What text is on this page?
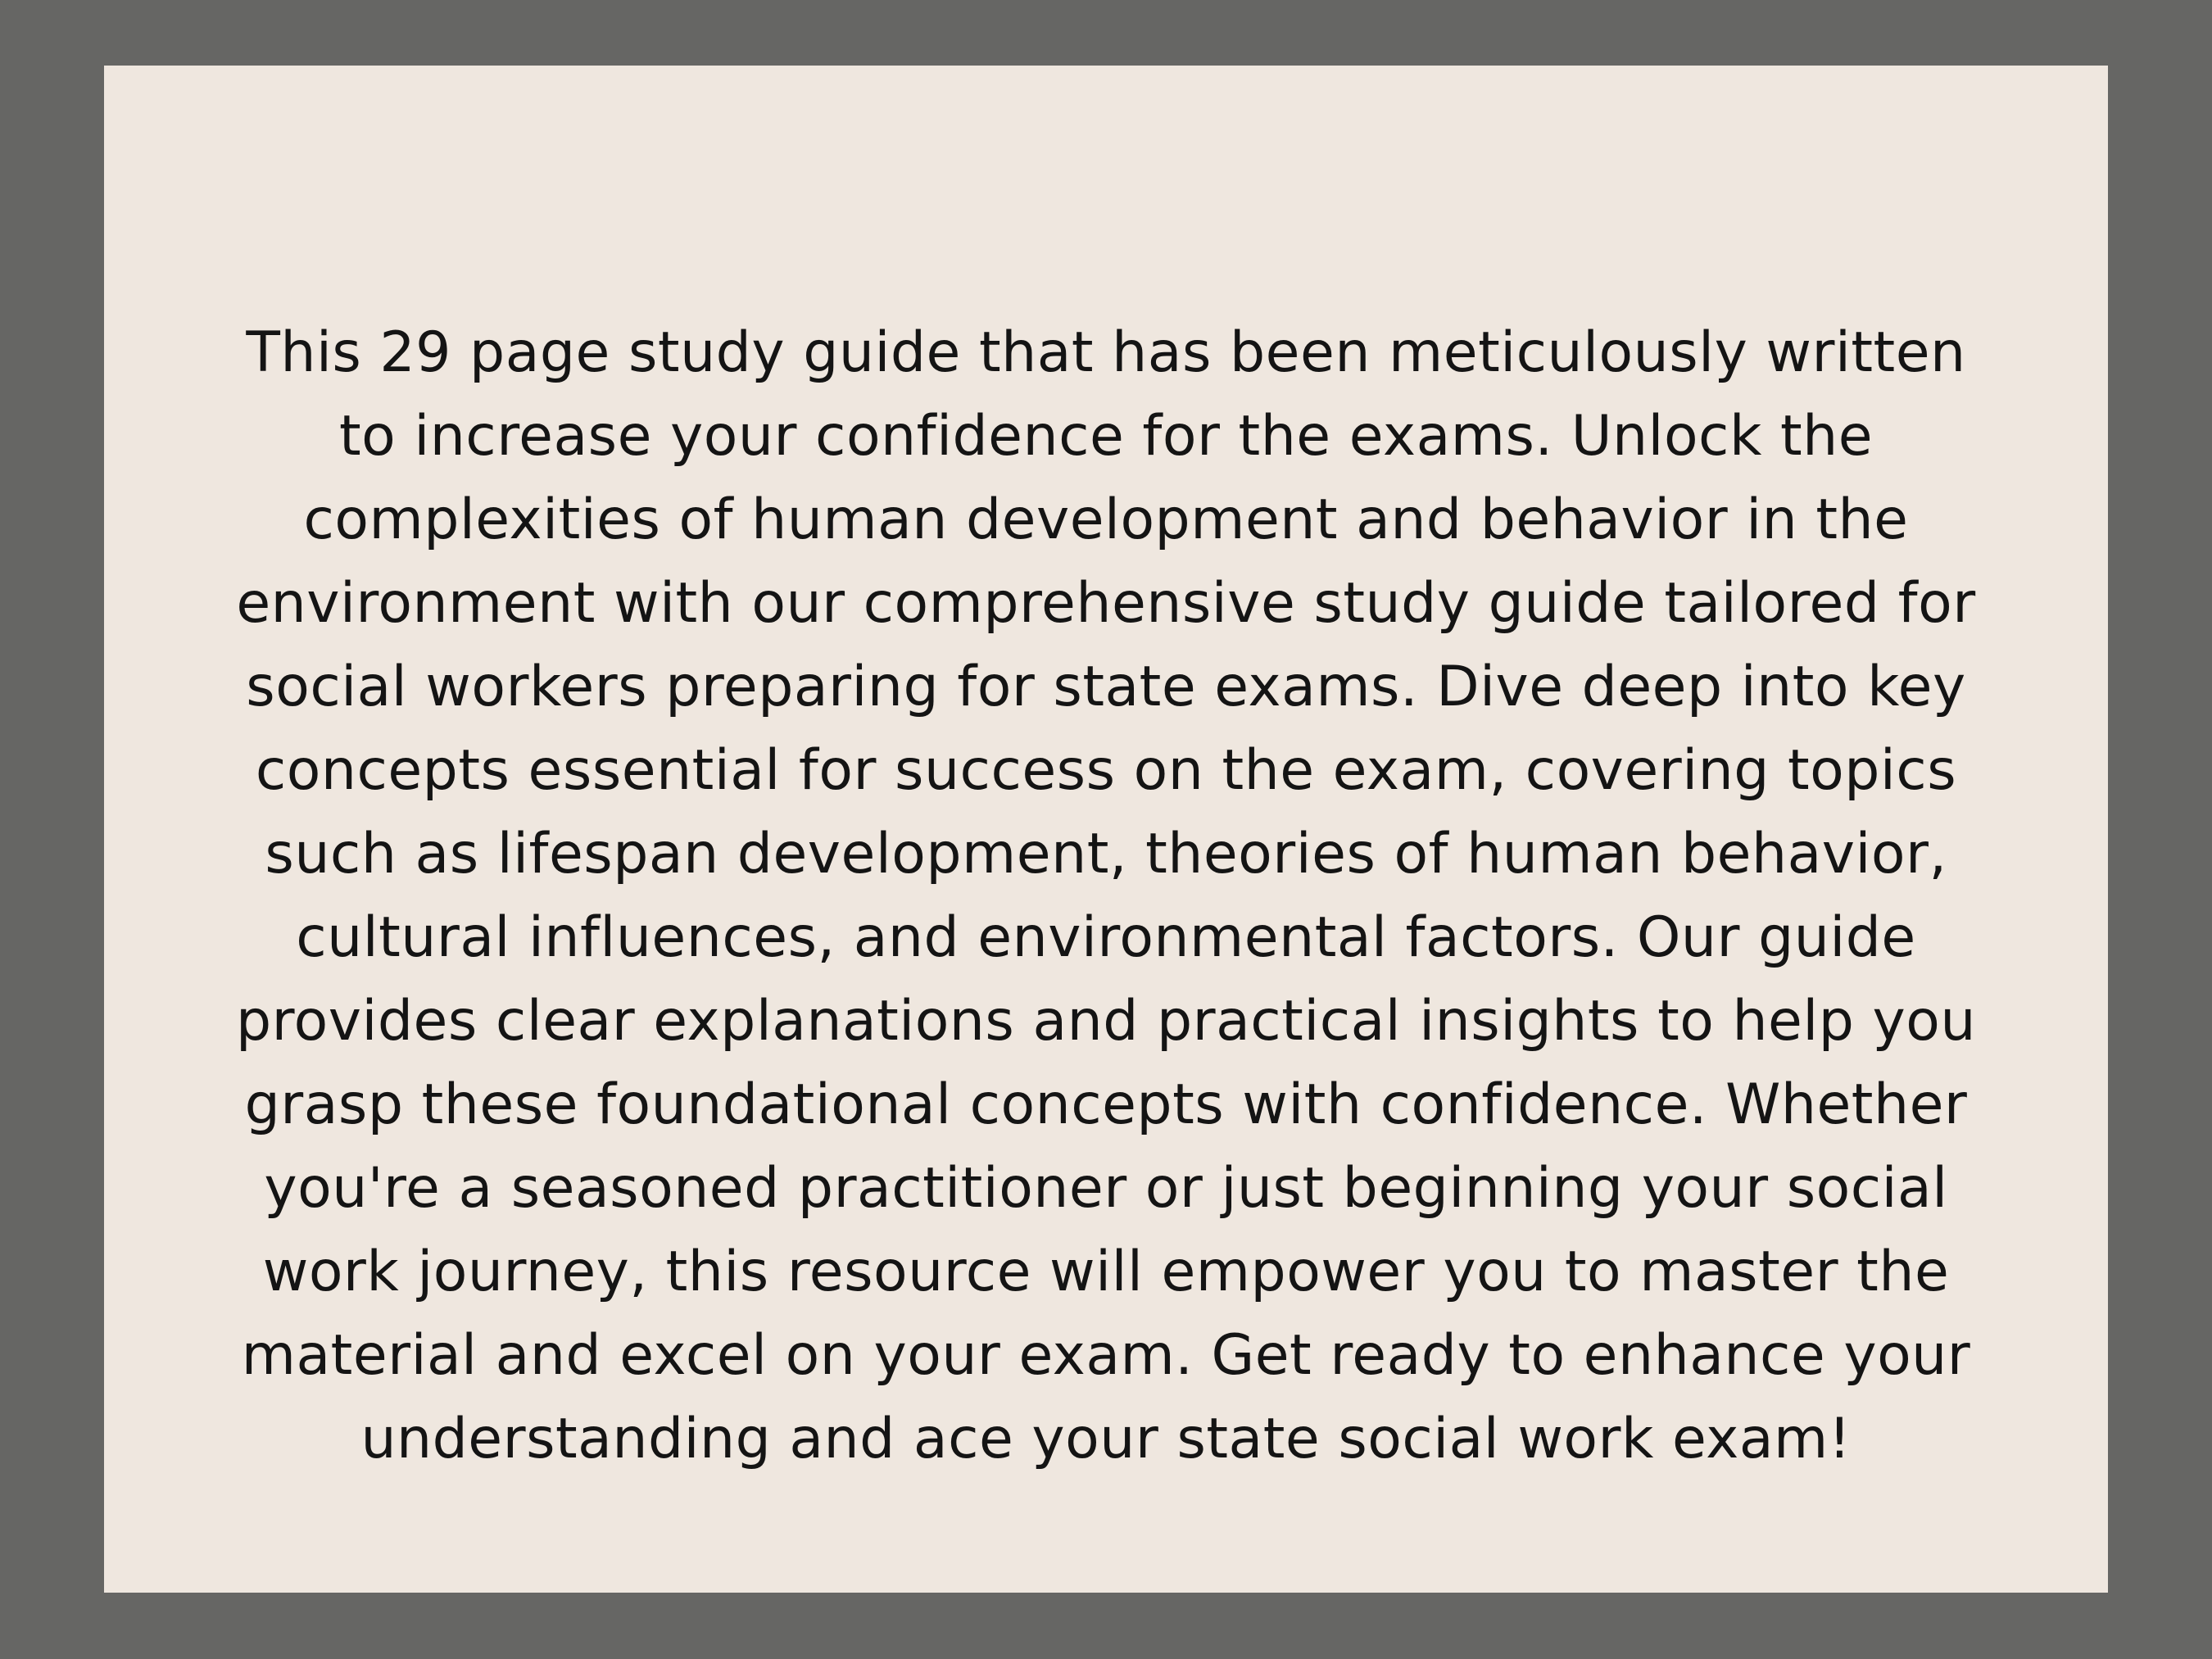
This 29 page study guide that has been meticulously written
to increase your confidence for the exams. Unlock the
complexities of human development and behavior in the
environment with our comprehensive study guide tailored for
social workers preparing for state exams. Dive deep into key
concepts essential for success on the exam, covering topics
such as lifespan development, theories of human behavior,
cultural influences, and environmental factors. Our guide
provides clear explanations and practical insights to help you
grasp these foundational concepts with confidence. Whether
you're a seasoned practitioner or just beginning your social
work journey, this resource will empower you to master the
material and excel on your exam. Get ready to enhance your
understanding and ace your state social work exam!
